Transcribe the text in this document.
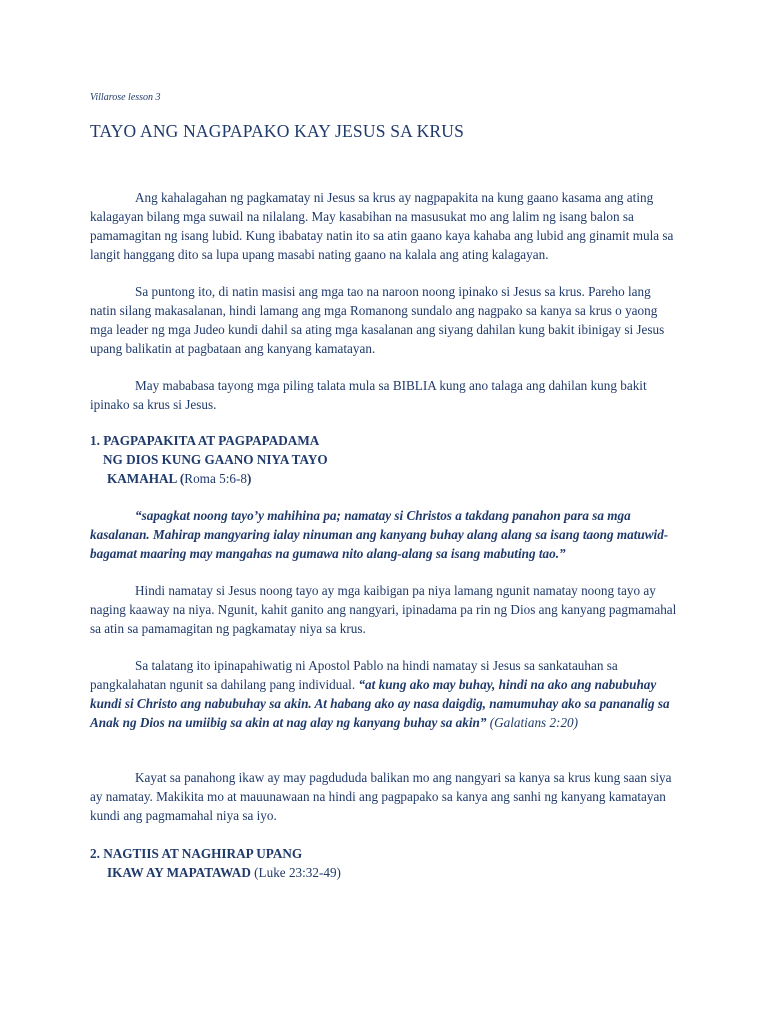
Villarose lesson 3
TAYO ANG NAGPAPAKO KAY JESUS SA KRUS

Ang kahalagahan ng pagkamatay ni Jesus sa krus ay nagpapakita na kung gaano kasama ang ating kalagayan bilang mga suwail na nilalang. May kasabihan na masusukat mo ang lalim ng isang balon sa pamamagitan ng isang lubid. Kung ibabatay natin ito sa atin gaano kaya kahaba ang lubid ang ginamit mula sa langit hanggang dito sa lupa upang masabi nating gaano na kalala ang ating kalagayan.

Sa puntong ito, di natin masisi ang mga tao na naroon noong ipinako si Jesus sa krus. Pareho lang natin silang makasalanan, hindi lamang ang mga Romanong sundalo ang nagpako sa kanya sa krus o yaong mga leader ng mga Judeo kundi dahil sa ating mga kasalanan ang siyang dahilan kung bakit ibinigay si Jesus upang balikatin at pagbataan ang kanyang kamatayan.

May mababasa tayong mga piling talata mula sa BIBLIA kung ano talaga ang dahilan kung bakit ipinako sa krus si Jesus.

1. PAGPAPAKITA AT PAGPAPADAMA
NG DIOS KUNG GAANO NIYA TAYO
KAMAHAL (Roma 5:6-8)

“sapagkat noong tayo’y mahihina pa; namatay si Christos a takdang panahon para sa mga kasalanan. Mahirap mangyaring ialay ninuman ang kanyang buhay alang alang sa isang taong matuwid-bagamat maaring may mangahas na gumawa nito alang-alang sa isang mabuting tao.”

Hindi namatay si Jesus noong tayo ay mga kaibigan pa niya lamang ngunit namatay noong tayo ay naging kaaway na niya. Ngunit, kahit ganito ang nangyari, ipinadama pa rin ng Dios ang kanyang pagmamahal sa atin sa pamamagitan ng pagkamatay niya sa krus.

Sa talatang ito ipinapahiwatig ni Apostol Pablo na hindi namatay si Jesus sa sankatauhan sa pangkalahatan ngunit sa dahilang pang individual. “at kung ako may buhay, hindi na ako ang nabubuhay kundi si Christo ang nabubuhay sa akin. At habang ako ay nasa daigdig, namumuhay ako sa pananalig sa Anak ng Dios na umiibig sa akin at nag alay ng kanyang buhay sa akin” (Galatians 2:20)

Kayat sa panahong ikaw ay may pagdududa balikan mo ang nangyari sa kanya sa krus kung saan siya ay namatay. Makikita mo at mauunawaan na hindi ang pagpapako sa kanya ang sanhi ng kanyang kamatayan kundi ang pagmamahal niya sa iyo.

2. NAGTIIS AT NAGHIRAP UPANG
IKAW AY MAPATAWAD (Luke 23:32-49)
